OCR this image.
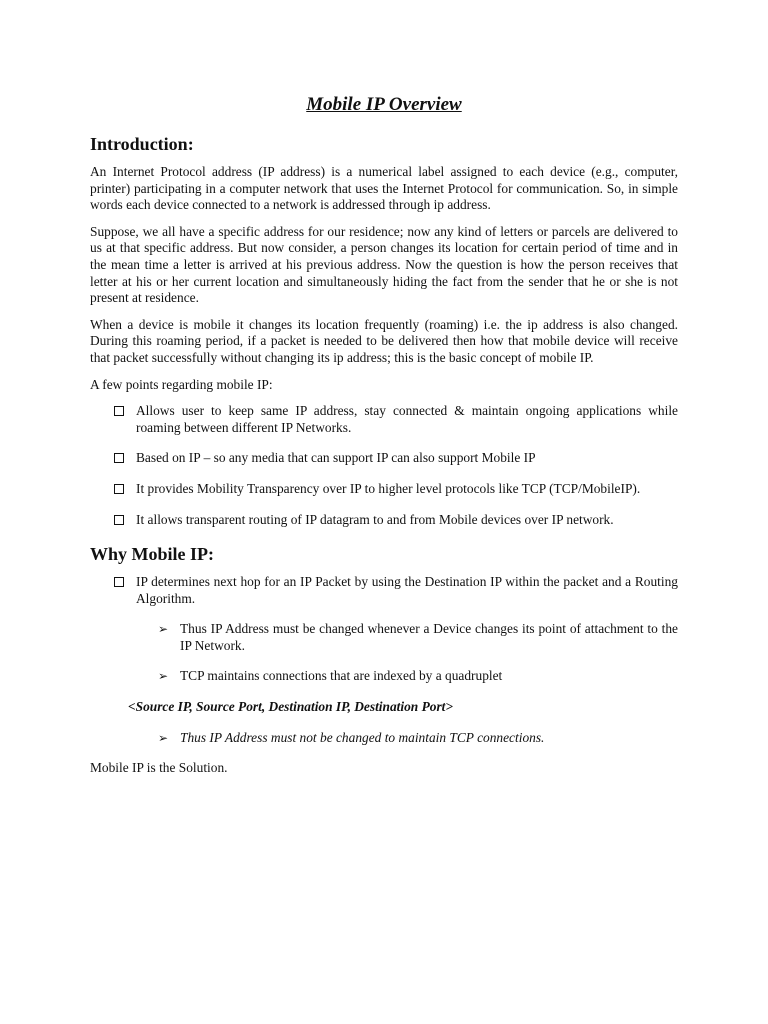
Mobile IP Overview
Introduction:

An Internet Protocol address (IP address) is a numerical label assigned to each device (e.g., computer, printer) participating in a computer network that uses the Internet Protocol for communication. So, in simple words each device connected to a network is addressed through ip address.

Suppose, we all have a specific address for our residence; now any kind of letters or parcels are delivered to us at that specific address. But now consider, a person changes its location for certain period of time and in the mean time a letter is arrived at his previous address. Now the question is how the person receives that letter at his or her current location and simultaneously hiding the fact from the sender that he or she is not present at residence.

When a device is mobile it changes its location frequently (roaming) i.e. the ip address is also changed. During this roaming period, if a packet is needed to be delivered then how that mobile device will receive that packet successfully without changing its ip address; this is the basic concept of mobile IP.

A few points regarding mobile IP:

Allows user to keep same IP address, stay connected & maintain ongoing applications while roaming between different IP Networks.
Based on IP – so any media that can support IP can also support Mobile IP
It provides Mobility Transparency over IP to higher level protocols like TCP (TCP/MobileIP).
It allows transparent routing of IP datagram to and from Mobile devices over IP network.
Why Mobile IP:
IP determines next hop for an IP Packet by using the Destination IP within the packet and a Routing Algorithm.
➢ Thus IP Address must be changed whenever a Device changes its point of attachment to the IP Network.
➢ TCP maintains connections that are indexed by a quadruplet
<Source IP, Source Port, Destination IP, Destination Port>
➢ Thus IP Address must not be changed to maintain TCP connections.

Mobile IP is the Solution.
